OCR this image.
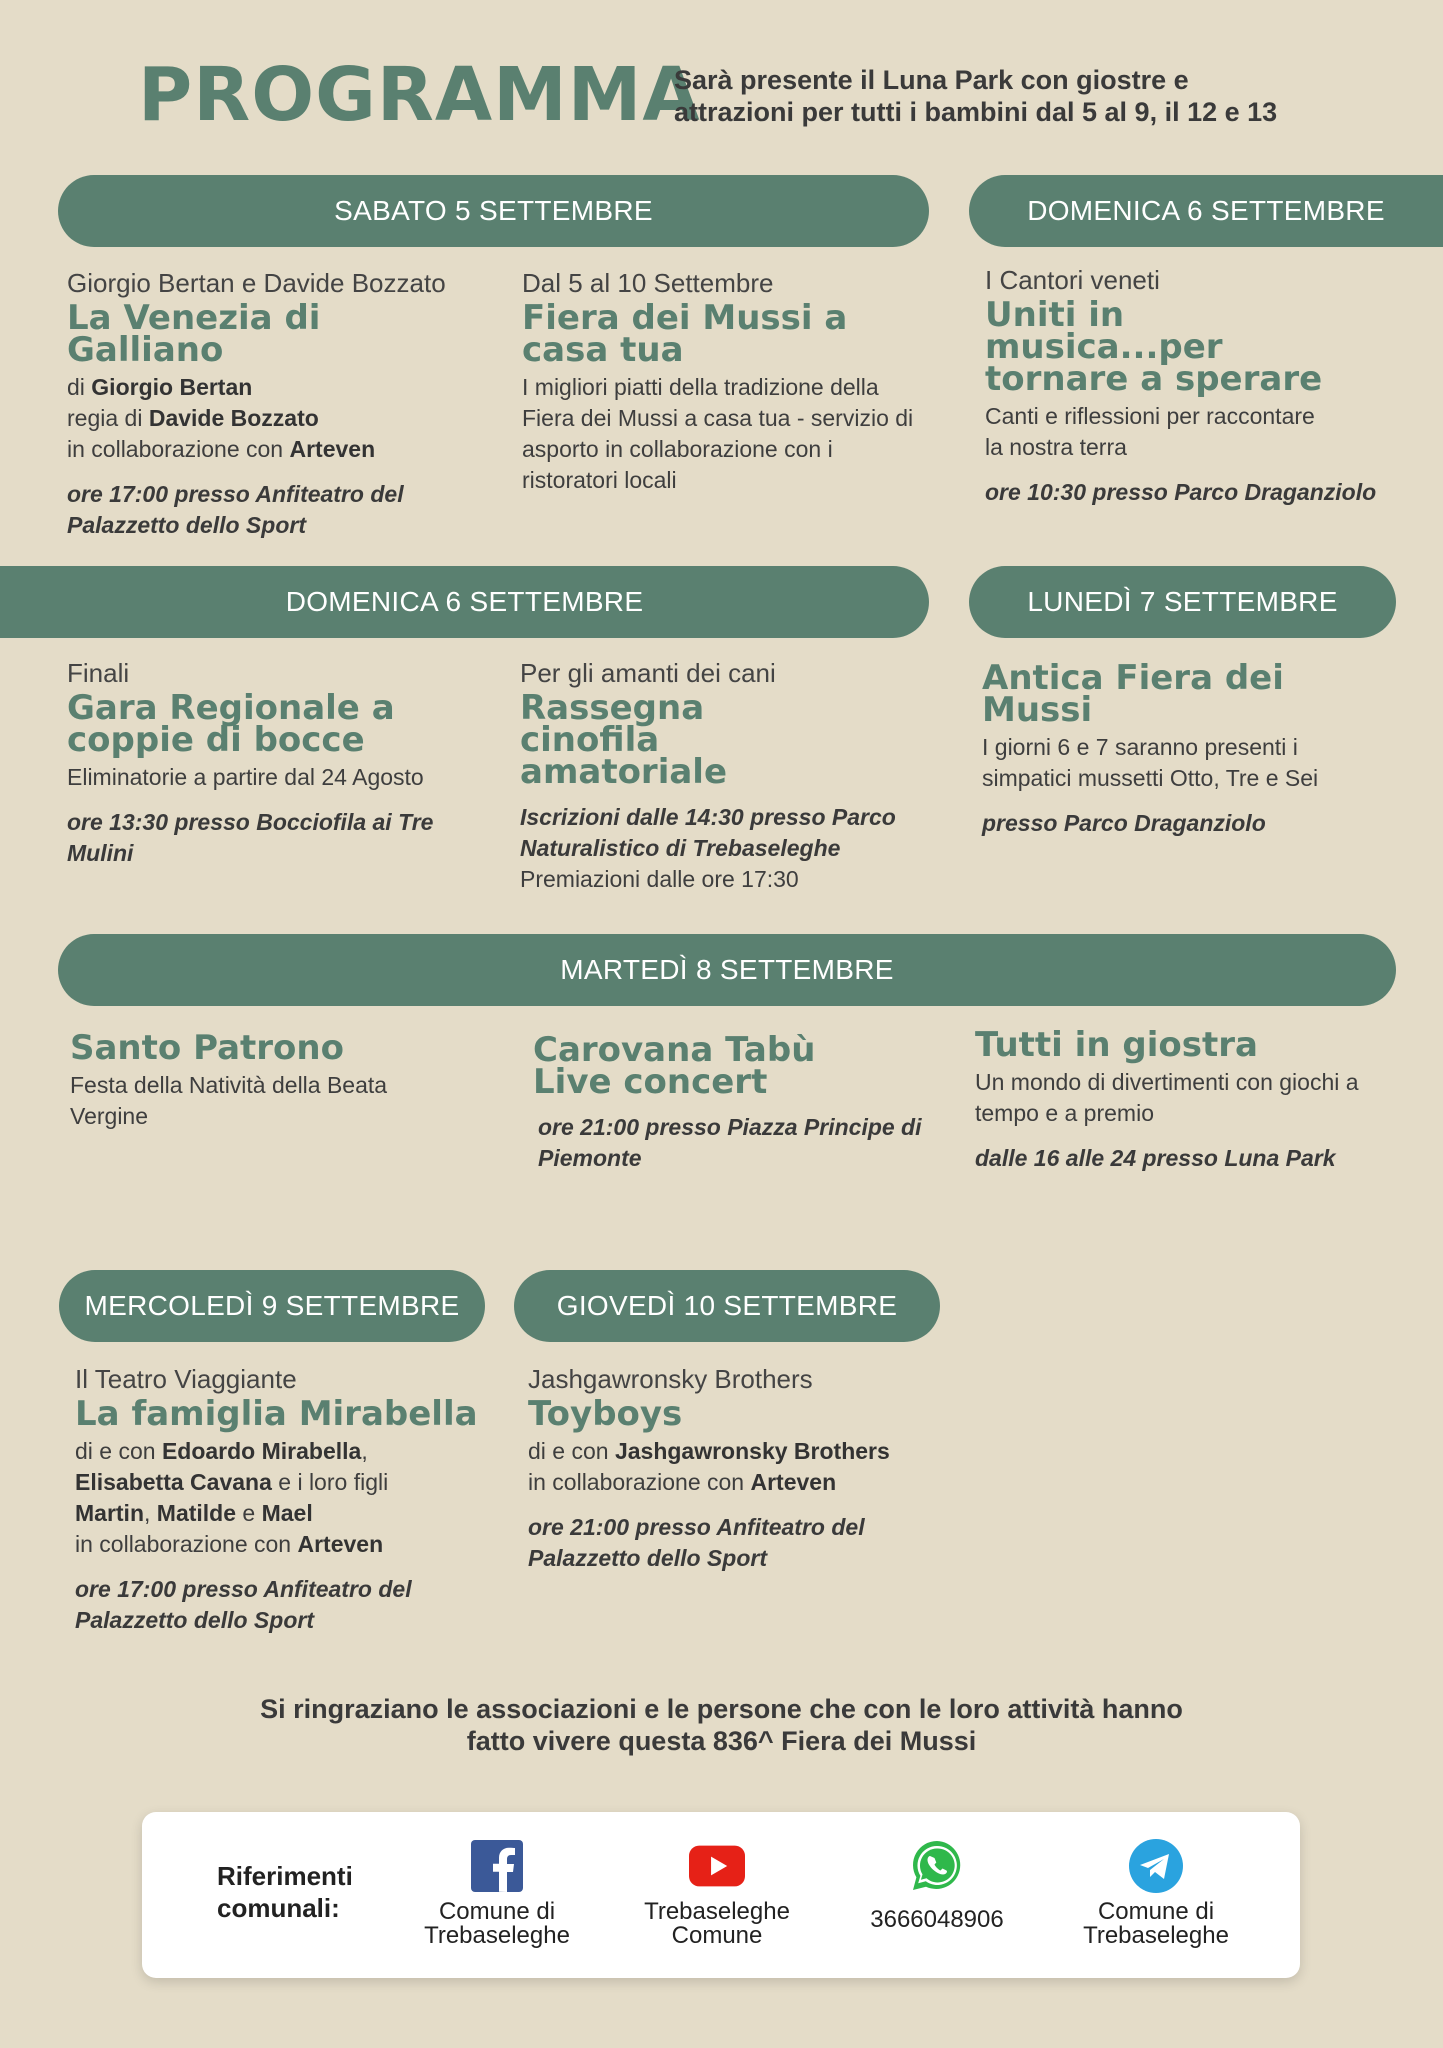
PROGRAMMA
Sarà presente il Luna Park con giostre e attrazioni per tutti i bambini dal 5 al 9, il 12 e 13
SABATO 5 SETTEMBRE	DOMENICA 6 SETTEMBRE
Giorgio Bertan e Davide Bozzato
La Venezia di Galliano
di Giorgio Bertan
regia di Davide Bozzato
in collaborazione con Arteven
ore 17:00 presso Anfiteatro del Palazzetto dello Sport
Dal 5 al 10 Settembre
Fiera dei Mussi a casa tua
I migliori piatti della tradizione della Fiera dei Mussi a casa tua - servizio di asporto in collaborazione con i ristoratori locali
I Cantori veneti
Uniti in musica...per tornare a sperare
Canti e riflessioni per raccontare la nostra terra
ore 10:30 presso Parco Draganziolo
DOMENICA 6 SETTEMBRE	LUNEDÌ 7 SETTEMBRE
Finali
Gara Regionale a coppie di bocce
Eliminatorie a partire dal 24 Agosto
ore 13:30 presso Bocciofila ai Tre Mulini
Per gli amanti dei cani
Rassegna cinofila amatoriale
Iscrizioni dalle 14:30 presso Parco Naturalistico di Trebaseleghe
Premiazioni dalle ore 17:30
Antica Fiera dei Mussi
I giorni 6 e 7 saranno presenti i simpatici mussetti Otto, Tre e Sei
presso Parco Draganziolo
MARTEDÌ 8 SETTEMBRE
Santo Patrono
Festa della Natività della Beata Vergine
Carovana Tabù Live concert
ore 21:00 presso Piazza Principe di Piemonte
Tutti in giostra
Un mondo di divertimenti con giochi a tempo e a premio
dalle 16 alle 24 presso Luna Park
MERCOLEDÌ 9 SETTEMBRE	GIOVEDÌ 10 SETTEMBRE
Il Teatro Viaggiante
La famiglia Mirabella
di e con Edoardo Mirabella,
Elisabetta Cavana e i loro figli
Martin, Matilde e Mael
in collaborazione con Arteven
ore 17:00 presso Anfiteatro del Palazzetto dello Sport
Jashgawronsky Brothers
Toyboys
di e con Jashgawronsky Brothers
in collaborazione con Arteven
ore 21:00 presso Anfiteatro del Palazzetto dello Sport
Si ringraziano le associazioni e le persone che con le loro attività hanno fatto vivere questa 836^ Fiera dei Mussi
Riferimenti comunali:	Comune di Trebaseleghe
Trebaseleghe Comune
3666048906	Comune di Trebaseleghe
